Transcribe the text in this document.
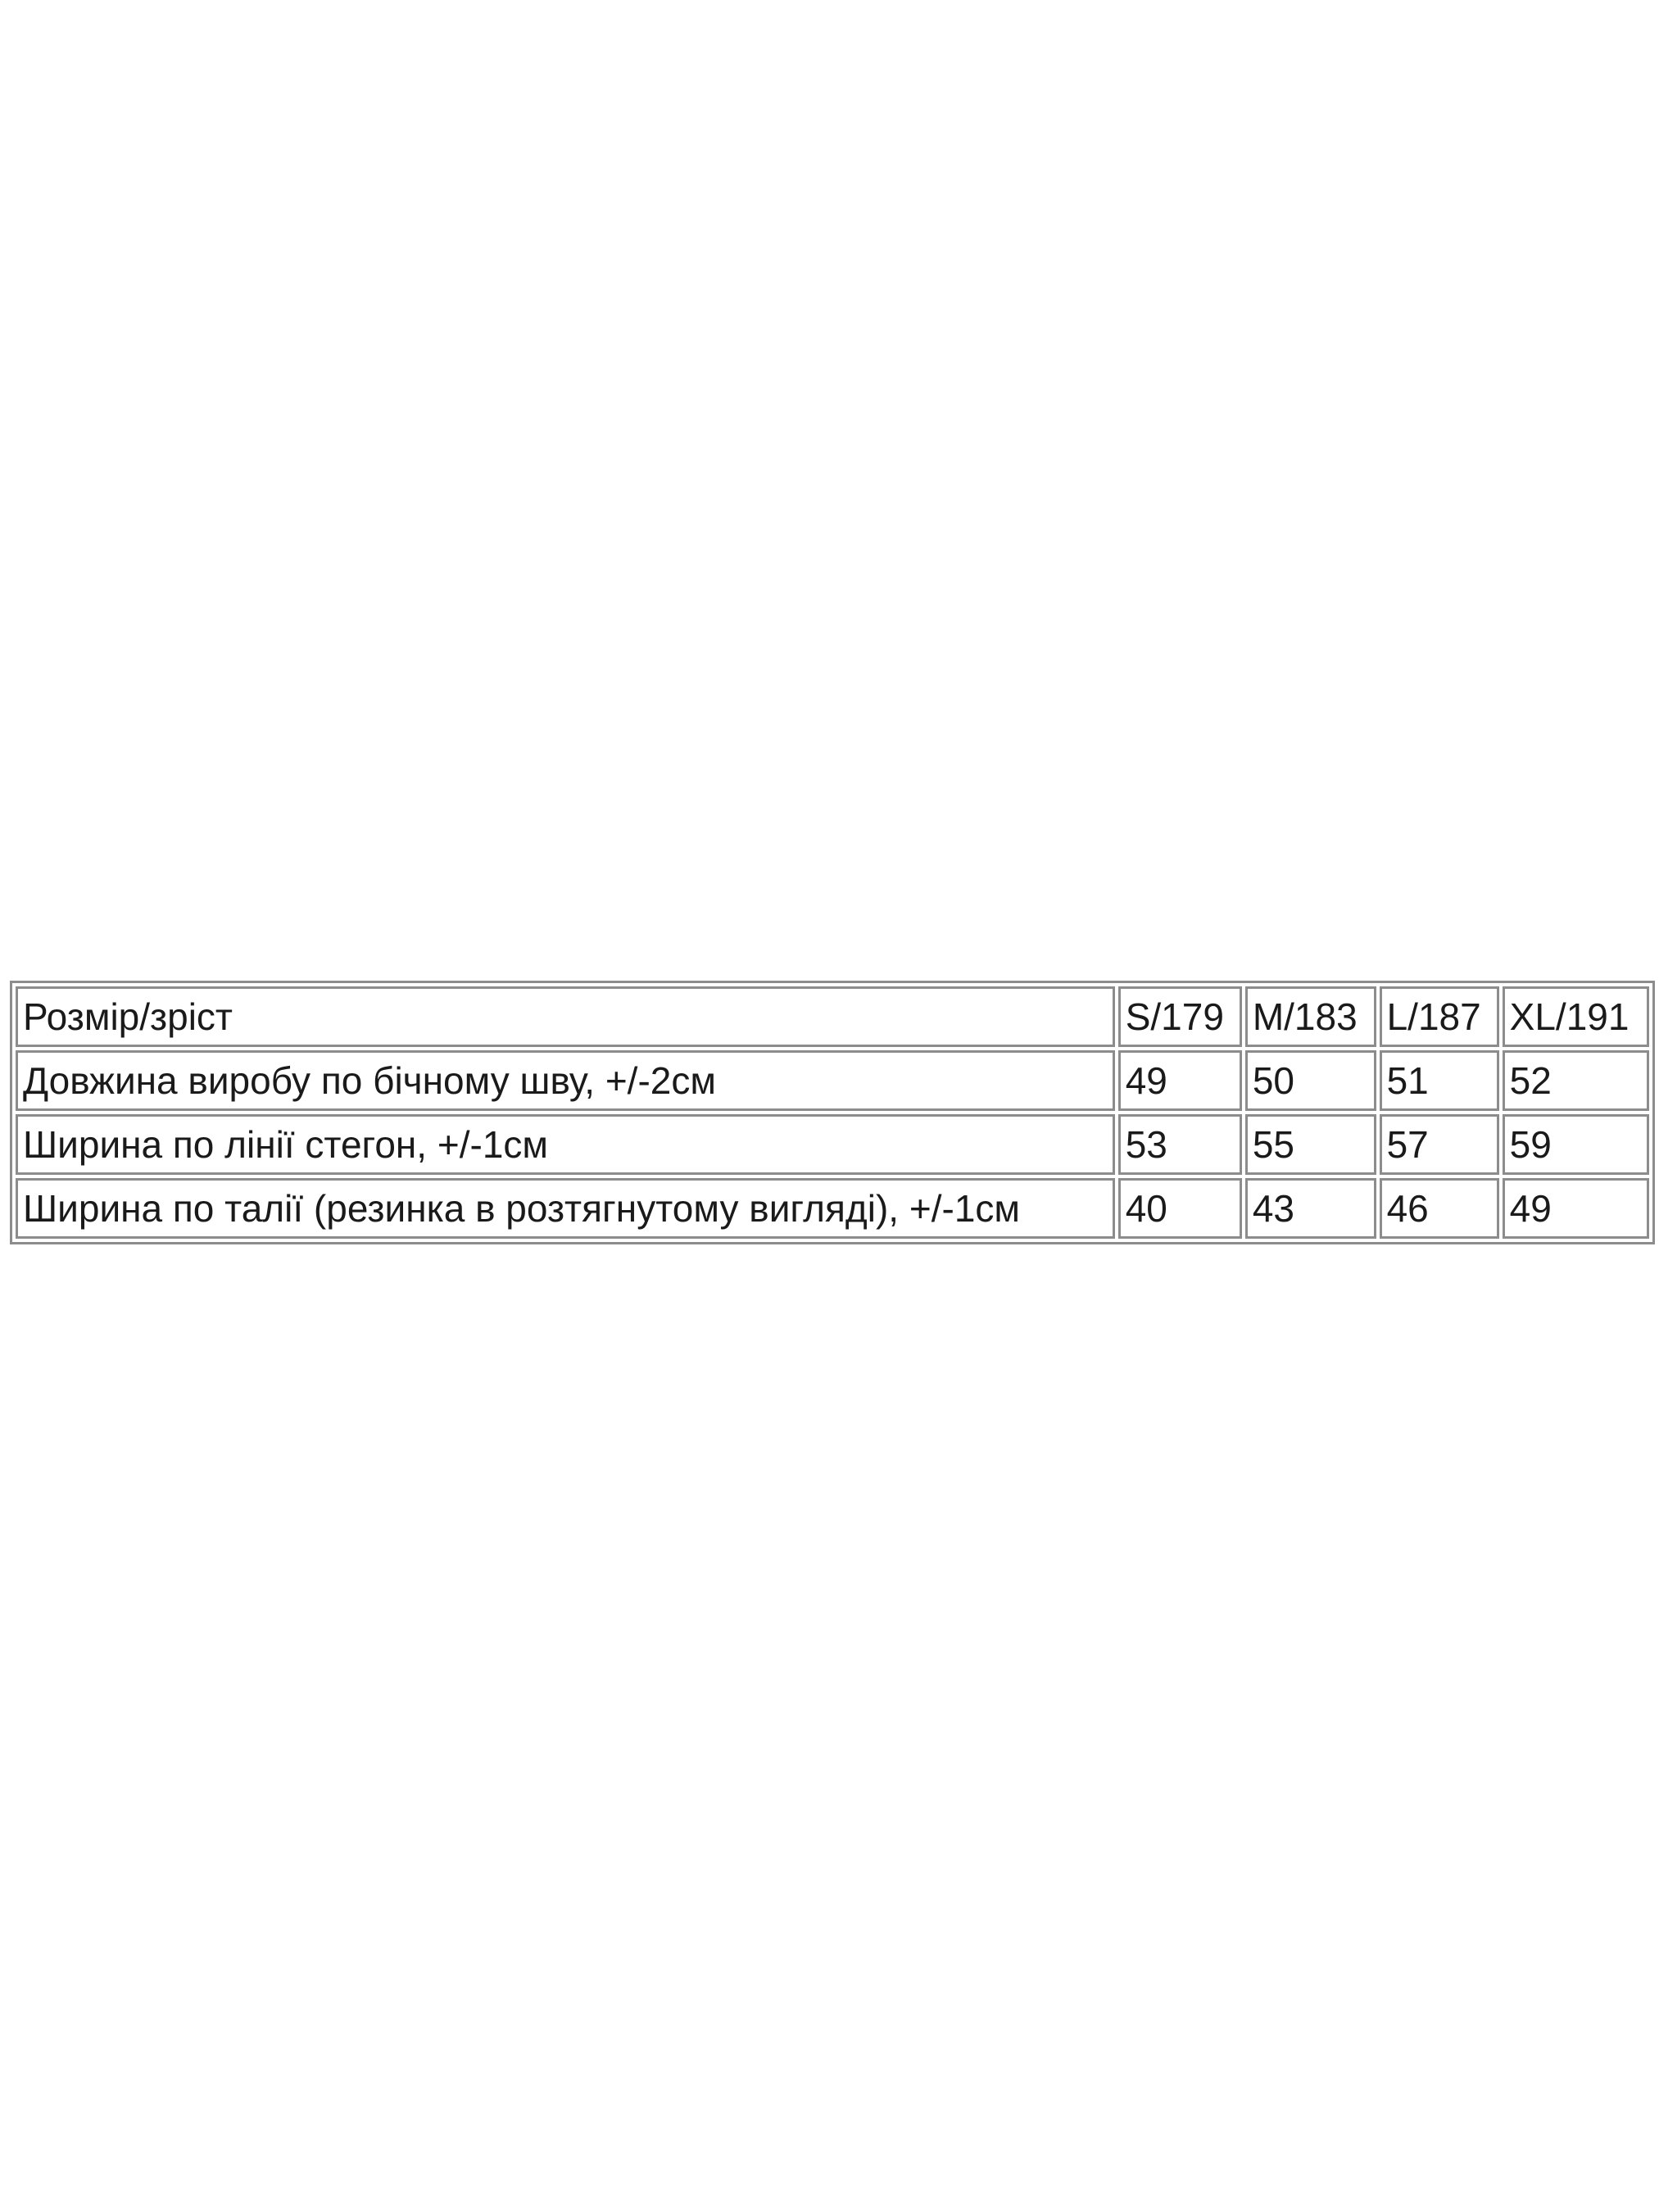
Розмір/зріст	S/179	M/183	L/187	XL/191
Довжина виробу по бічному шву, +/-2см	49	50	51	52
Ширина по лінії стегон, +/-1см	53	55	57	59
Ширина по талії (резинка в розтягнутому вигляді), +/-1см	40	43	46	49
